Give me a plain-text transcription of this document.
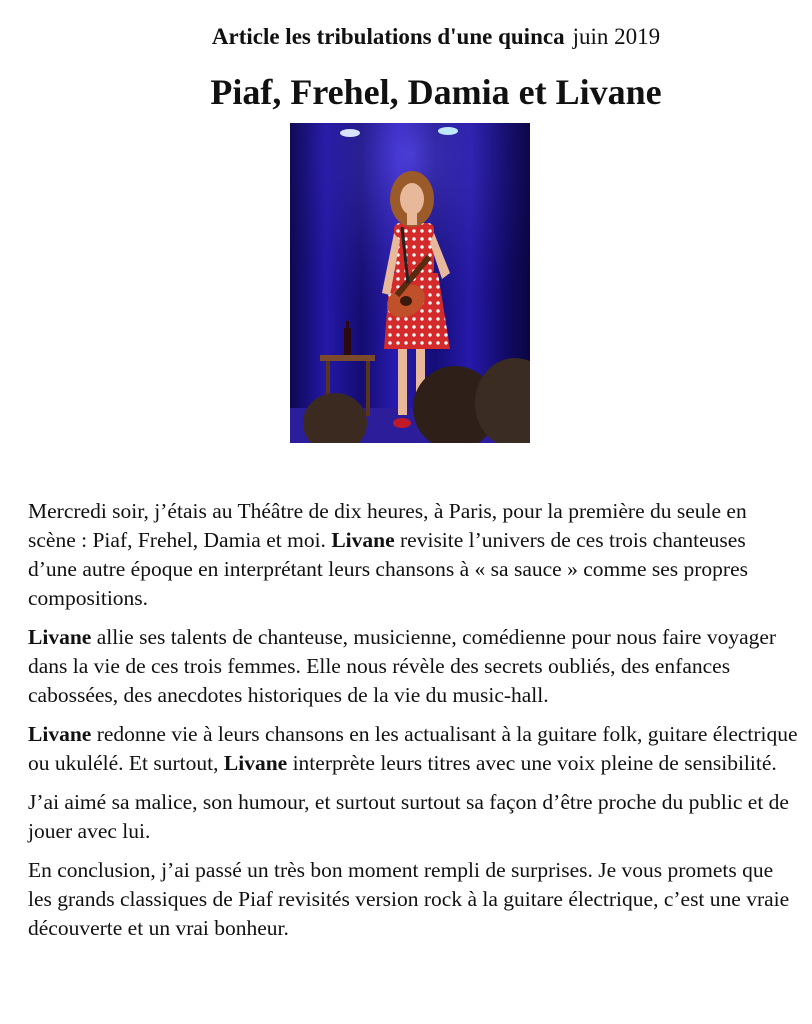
Article les tribulations d'une quinca juin 2019
Piaf, Frehel, Damia et Livane

Mercredi soir, j’étais au Théâtre de dix heures, à Paris, pour la première du seule en scène : Piaf, Frehel, Damia et moi. Livane revisite l’univers de ces trois chanteuses d’une autre époque en interprétant leurs chansons à « sa sauce » comme ses propres compositions.

Livane allie ses talents de chanteuse, musicienne, comédienne pour nous faire voyager dans la vie de ces trois femmes. Elle nous révèle des secrets oubliés, des enfances cabossées, des anecdotes historiques de la vie du music-hall.

Livane redonne vie à leurs chansons en les actualisant à la guitare folk, guitare électrique ou ukulélé. Et surtout, Livane interprète leurs titres avec une voix pleine de sensibilité.

J’ai aimé sa malice, son humour, et surtout surtout sa façon d’être proche du public et de jouer avec lui.

En conclusion, j’ai passé un très bon moment rempli de surprises. Je vous promets que les grands classiques de Piaf revisités version rock à la guitare électrique, c’est une vraie découverte et un vrai bonheur.
